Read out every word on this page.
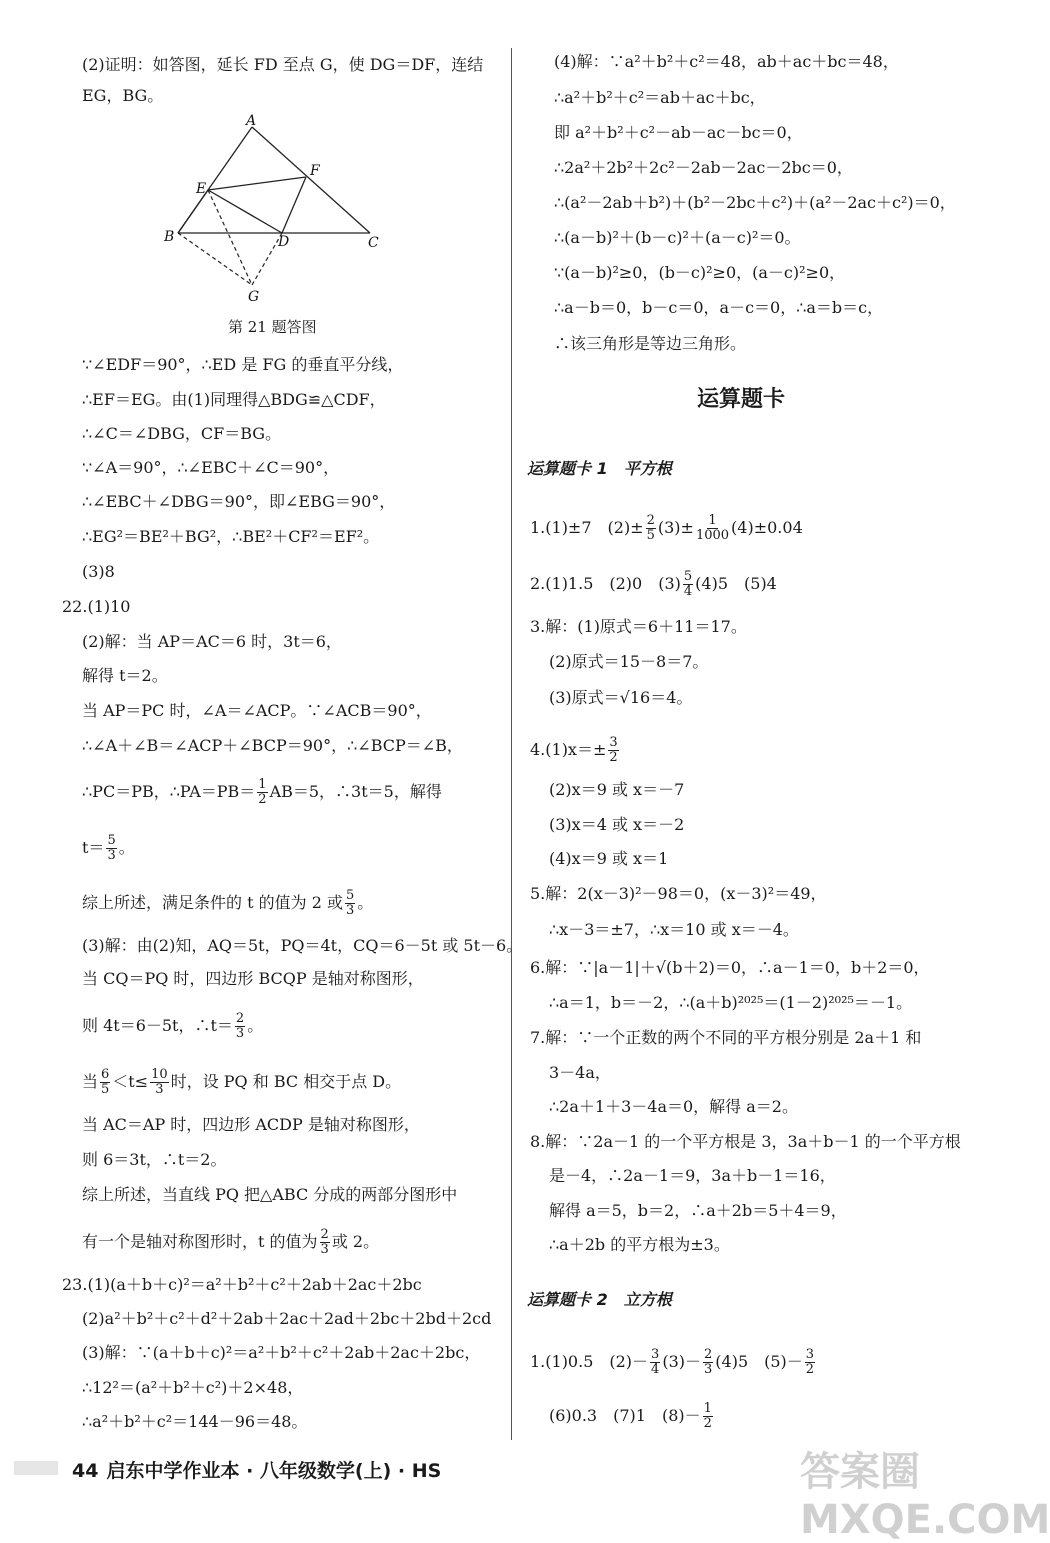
(2)证明：如答图，延长 FD 至点 G，使 DG＝DF，连结
EG，BG。
A
B	C
D
E
F
G
第 21 题答图
∵∠EDF＝90°，∴ED 是 FG 的垂直平分线，
∴EF＝EG。由(1)同理得△BDG≌△CDF，
∴∠C＝∠DBG，CF＝BG。
∵∠A＝90°，∴∠EBC＋∠C＝90°，
∴∠EBC＋∠DBG＝90°，即∠EBG＝90°，
∴EG²＝BE²＋BG²，∴BE²＋CF²＝EF²。
(3)8
22.(1)10
(2)解：当 AP＝AC＝6 时，3t＝6，
解得 t＝2。
当 AP＝PC 时，∠A＝∠ACP。∵∠ACB＝90°，
∴∠A＋∠B＝∠ACP＋∠BCP＝90°，∴∠BCP＝∠B，
∴PC＝PB，∴PA＝PB＝ $\frac{1}{2} AB=5$，∴3t＝5，解得
$t= \frac{5}{3}$ 。
综上所述，满足条件的 t 的值为 2 或 $\frac{5}{3}$ 。
(3)解：由(2)知，AQ＝5t，PQ＝4t，CQ＝6－5t 或 5t－6。
当 CQ＝PQ 时，四边形 BCQP 是轴对称图形，
则 4t＝6－5t，∴t＝ $\frac{2}{3}$ 。
当 $\frac{6}{5} <t\le \frac{10}{3}$ 时，设 PQ 和 BC 相交于点 D。
当 AC＝AP 时，四边形 ACDP 是轴对称图形，
则 6＝3t，∴t＝2。
综上所述，当直线 PQ 把△ABC 分成的两部分图形中
有一个是轴对称图形时，t 的值为 $\frac{2}{3}$ 或 2。
23.(1)(a＋b＋c)²＝a²＋b²＋c²＋2ab＋2ac＋2bc
(2)a²＋b²＋c²＋d²＋2ab＋2ac＋2ad＋2bc＋2bd＋2cd
(3)解：∵(a＋b＋c)²＝a²＋b²＋c²＋2ab＋2ac＋2bc，
∴12²＝(a²＋b²＋c²)＋2×48，
∴a²＋b²＋c²＝144－96＝48。
(4)解：∵a²＋b²＋c²＝48，ab＋ac＋bc＝48，
∴a²＋b²＋c²＝ab＋ac＋bc，
即 a²＋b²＋c²－ab－ac－bc＝0，
∴2a²＋2b²＋2c²－2ab－2ac－2bc＝0，
∴(a²－2ab＋b²)＋(b²－2bc＋c²)＋(a²－2ac＋c²)＝0，
∴(a－b)²＋(b－c)²＋(a－c)²＝0。
∵(a－b)²≥0，(b－c)²≥0，(a－c)²≥0，
∴a－b＝0，b－c＝0，a－c＝0，∴a＝b＝c，
∴该三角形是等边三角形。
运算题卡
运算题卡 1　平方根
1.(1)±7　$(2)\pm \frac{2}{5} (3)\pm \frac{1}{1000} (4)\pm 0.04$
2.(1)1.5　(2)0　$(3) \frac{5}{4} (4)5$　(5)4
3.解：(1)原式＝6＋11＝17。
(2)原式＝15－8＝7。
(3)原式＝√16＝4。
$4.(1)x=\pm \frac{3}{2}$
(2)x＝9 或 x＝－7
(3)x＝4 或 x＝－2
(4)x＝9 或 x＝1
5.解：2(x－3)²－98＝0，(x－3)²＝49，
∴x－3＝±7，∴x＝10 或 x＝－4。
6.解：∵|a－1|＋√(b＋2)＝0，∴a－1＝0，b＋2＝0，
∴a＝1，b＝－2，∴(a＋b)²⁰²⁵＝(1－2)²⁰²⁵＝－1。
7.解：∵一个正数的两个不同的平方根分别是 2a＋1 和
3－4a，
∴2a＋1＋3－4a＝0，解得 a＝2。
8.解：∵2a－1 的一个平方根是 3，3a＋b－1 的一个平方根
是－4，∴2a－1＝9，3a＋b－1＝16，
解得 a＝5，b＝2，∴a＋2b＝5＋4＝9，
∴a＋2b 的平方根为±3。
运算题卡 2　立方根
1.(1)0.5　$(2)- \frac{3}{4} (3)- \frac{2}{3} (4)5$　$(5)- \frac{3}{2}$
(6)0.3　(7)1　$(8)- \frac{1}{2}$
44 启东中学作业本 · 八年级数学(上) · HS	答案圈 MXQE.COM
